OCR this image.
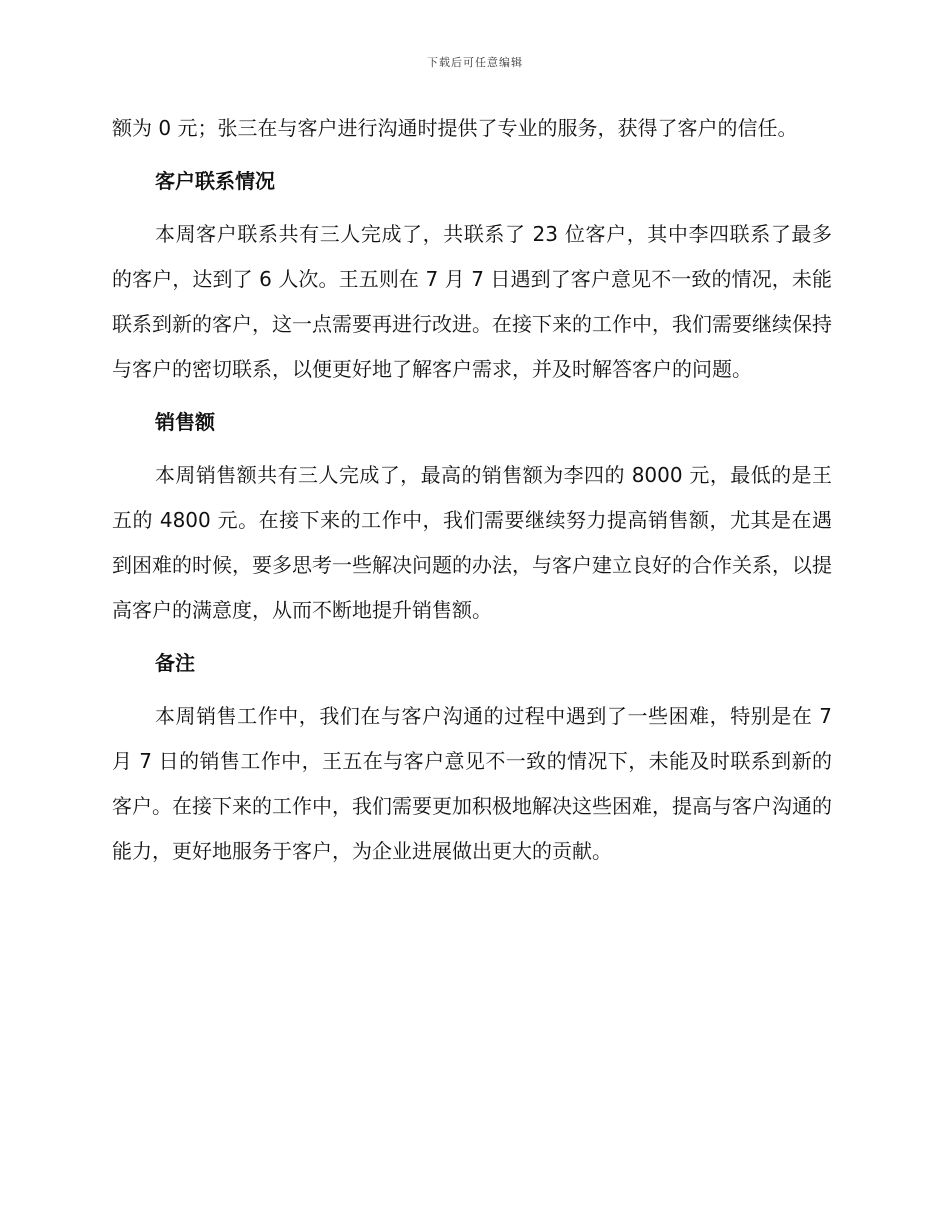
下载后可任意编辑

额为 0 元；张三在与客户进行沟通时提供了专业的服务，获得了客户的信任。

客户联系情况

本周客户联系共有三人完成了，共联系了 23 位客户，其中李四联系了最多的客户，达到了 6 人次。王五则在 7 月 7 日遇到了客户意见不一致的情况，未能联系到新的客户，这一点需要再进行改进。在接下来的工作中，我们需要继续保持与客户的密切联系，以便更好地了解客户需求，并及时解答客户的问题。

销售额

本周销售额共有三人完成了，最高的销售额为李四的 8000 元，最低的是王五的 4800 元。在接下来的工作中，我们需要继续努力提高销售额，尤其是在遇到困难的时候，要多思考一些解决问题的办法，与客户建立良好的合作关系，以提高客户的满意度，从而不断地提升销售额。

备注

本周销售工作中，我们在与客户沟通的过程中遇到了一些困难，特别是在 7 月 7 日的销售工作中，王五在与客户意见不一致的情况下，未能及时联系到新的客户。在接下来的工作中，我们需要更加积极地解决这些困难，提高与客户沟通的能力，更好地服务于客户，为企业进展做出更大的贡献。
